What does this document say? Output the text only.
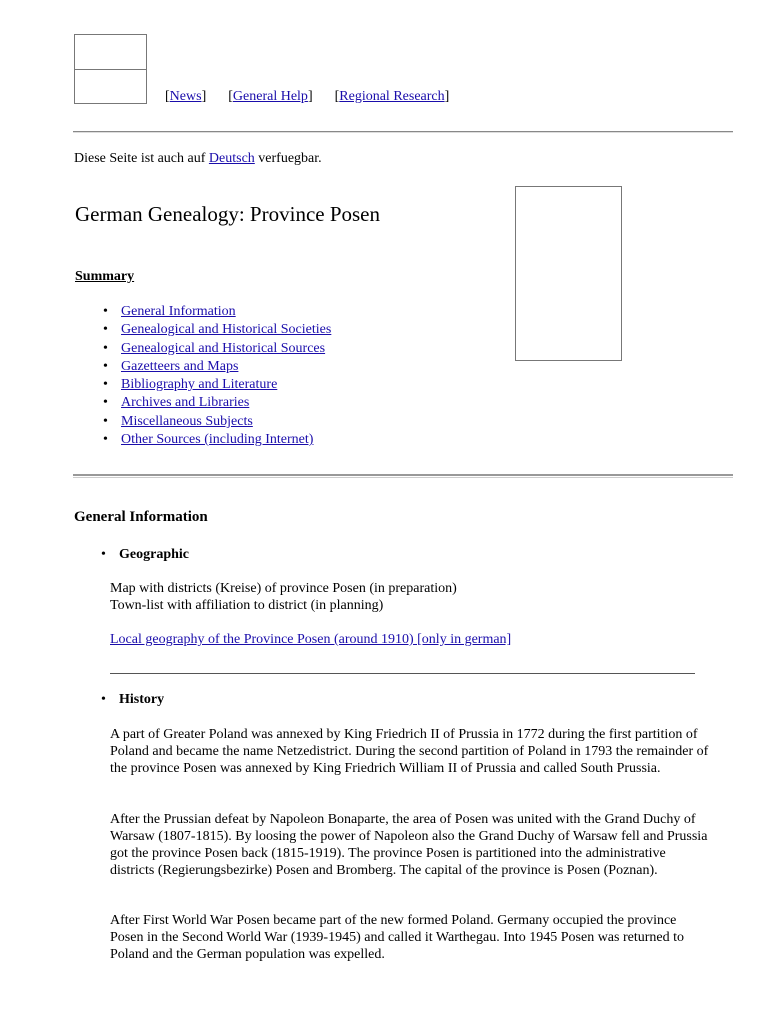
[News] [General Help] [Regional Research]
Diese Seite ist auch auf Deutsch verfuegbar.
German Genealogy: Province Posen
Summary
• General Information
• Genealogical and Historical Societies
• Genealogical and Historical Sources
• Gazetteers and Maps
• Bibliography and Literature
• Archives and Libraries
• Miscellaneous Subjects
• Other Sources (including Internet)
General Information
• Geographic
Map with districts (Kreise) of province Posen (in preparation)
Town-list with affiliation to district (in planning)
Local geography of the Province Posen (around 1910) [only in german]
• History

A part of Greater Poland was annexed by King Friedrich II of Prussia in 1772 during the first partition of Poland and became the name Netzedistrict. During the second partition of Poland in 1793 the remainder of the province Posen was annexed by King Friedrich William II of Prussia and called South Prussia.

After the Prussian defeat by Napoleon Bonaparte, the area of Posen was united with the Grand Duchy of Warsaw (1807-1815). By loosing the power of Napoleon also the Grand Duchy of Warsaw fell and Prussia got the province Posen back (1815-1919). The province Posen is partitioned into the administrative districts (Regierungsbezirke) Posen and Bromberg. The capital of the province is Posen (Poznan).

After First World War Posen became part of the new formed Poland. Germany occupied the province Posen in the Second World War (1939-1945) and called it Warthegau. Into 1945 Posen was returned to Poland and the German population was expelled.
